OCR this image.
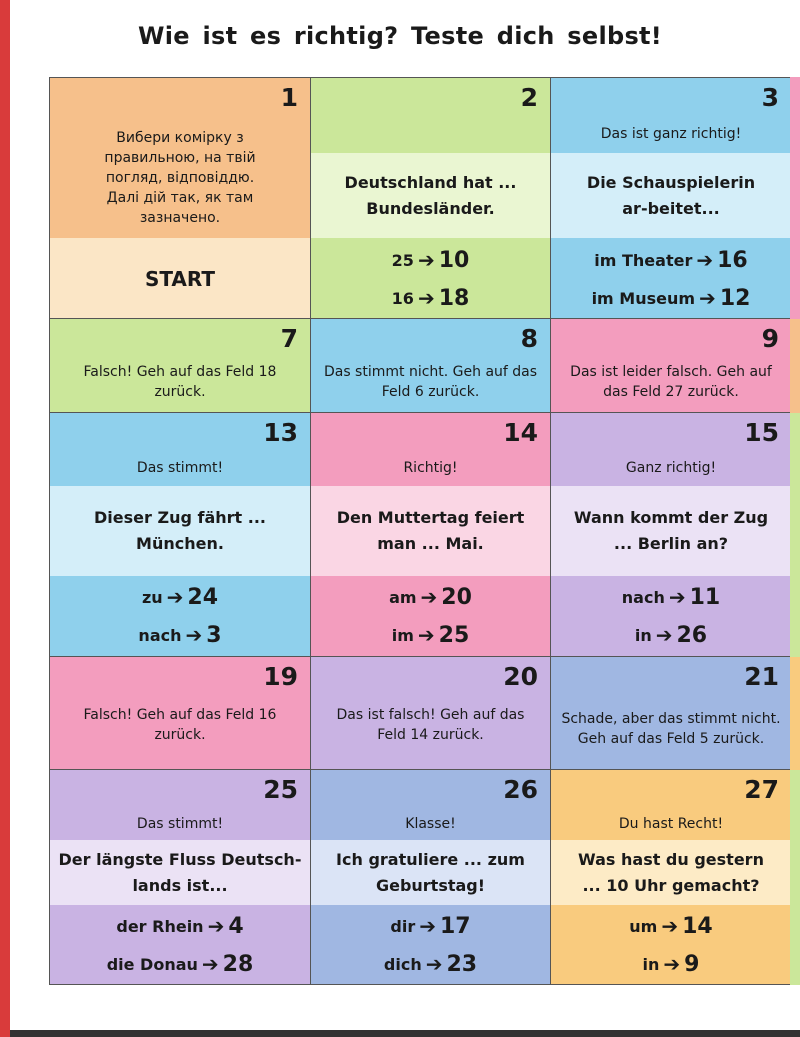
Wie ist es richtig? Teste dich selbst!
1
Вибери комірку з правильною, на твій погляд, відповіддю. Далі дій так, як там зазначено.
START
2
Deutschland hat ... Bundesländer.
25 ➔ 10
16 ➔ 18
3
Das ist ganz richtig!
Die Schauspielerin ar-beitet...
im Theater ➔ 16
im Museum ➔ 12
7
Falsch! Geh auf das Feld 18 zurück.
8
Das stimmt nicht. Geh auf das Feld 6 zurück.
9
Das ist leider falsch. Geh auf das Feld 27 zurück.
13
Das stimmt!
Dieser Zug fährt ... München.
zu ➔ 24
nach ➔ 3
14
Richtig!
Den Muttertag feiert man ... Mai.
am ➔ 20
im ➔ 25
15
Ganz richtig!
Wann kommt der Zug ... Berlin an?
nach ➔ 11
in ➔ 26
19
Falsch! Geh auf das Feld 16 zurück.
20
Das ist falsch! Geh auf das Feld 14 zurück.
21
Schade, aber das stimmt nicht. Geh auf das Feld 5 zurück.
25
Das stimmt!
Der längste Fluss Deutsch-lands ist...
der Rhein ➔ 4
die Donau ➔ 28
26
Klasse!
Ich gratuliere ... zum Geburtstag!
dir ➔ 17
dich ➔ 23
27
Du hast Recht!
Was hast du gestern ... 10 Uhr gemacht?
um ➔ 14
in ➔ 9
